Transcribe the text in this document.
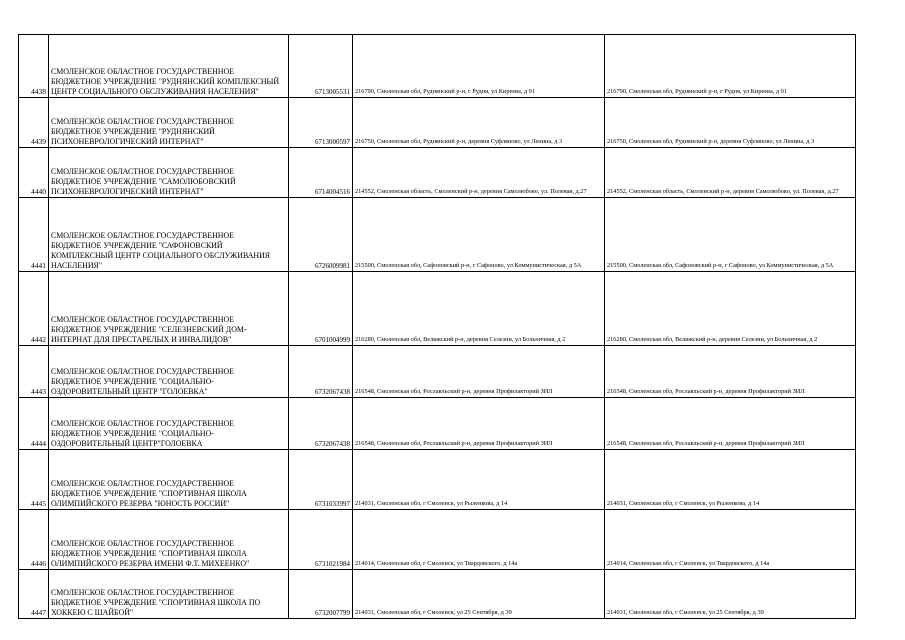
4438	СМОЛЕНСКОЕ ОБЛАСТНОЕ ГОСУДАРСТВЕННОЕ БЮДЖЕТНОЕ УЧРЕЖДЕНИЕ "РУДНЯНСКИЙ КОМПЛЕКСНЫЙ ЦЕНТР СОЦИАЛЬНОГО ОБСЛУЖИВАНИЯ НАСЕЛЕНИЯ"	6713005531	216790, Смоленская обл, Руднянский р-н, г Рудня, ул Киреева, д 91	216790, Смоленская обл, Руднянский р-н, г Рудня, ул Киреева, д 91
4439	СМОЛЕНСКОЕ ОБЛАСТНОЕ ГОСУДАРСТВЕННОЕ БЮДЖЕТНОЕ УЧРЕЖДЕНИЕ "РУДНЯНСКИЙ ПСИХОНЕВРОЛОГИЧЕСКИЙ ИНТЕРНАТ"	6713000597	216750, Смоленская обл, Руднянский р-н, деревня Суфляново, ул Ленина, д 3	216750, Смоленская обл, Руднянский р-н, деревня Суфляново, ул Ленина, д 3
4440	СМОЛЕНСКОЕ ОБЛАСТНОЕ ГОСУДАРСТВЕННОЕ БЮДЖЕТНОЕ УЧРЕЖДЕНИЕ "САМОЛЮБОВСКИЙ ПСИХОНЕВРОЛОГИЧЕСКИЙ ИНТЕРНАТ"	6714004516	214552, Смоленская область, Смоленский р-н, деревня Самолюбово, ул. Полевая, д.27	214552, Смоленская область, Смоленский р-н, деревня Самолюбово, ул. Полевая, д.27
4441	СМОЛЕНСКОЕ ОБЛАСТНОЕ ГОСУДАРСТВЕННОЕ БЮДЖЕТНОЕ УЧРЕЖДЕНИЕ "САФОНОВСКИЙ КОМПЛЕКСНЫЙ ЦЕНТР СОЦИАЛЬНОГО ОБСЛУЖИВАНИЯ НАСЕЛЕНИЯ"	6726009981	215500, Смоленская обл, Сафоновский р-н, г Сафоново, ул Коммунистическая, д 5А	215500, Смоленская обл, Сафоновский р-н, г Сафоново, ул Коммунистическая, д 5А
4442	СМОЛЕНСКОЕ ОБЛАСТНОЕ ГОСУДАРСТВЕННОЕ БЮДЖЕТНОЕ УЧРЕЖДЕНИЕ "СЕЛЕЗНЕВСКИЙ ДОМ-ИНТЕРНАТ ДЛЯ ПРЕСТАРЕЛЫХ И ИНВАЛИДОВ"	6701004999	216280, Смоленская обл, Велижский р-н, деревня Селезни, ул Больничная, д 2	216280, Смоленская обл, Велижский р-н, деревня Селезни, ул Больничная, д 2
4443	СМОЛЕНСКОЕ ОБЛАСТНОЕ ГОСУДАРСТВЕННОЕ БЮДЖЕТНОЕ УЧРЕЖДЕНИЕ "СОЦИАЛЬНО-ОЗДОРОВИТЕЛЬНЫЙ ЦЕНТР "ГОЛОЕВКА"	6732067438	216548, Смоленская обл, Рославльский р-н, деревня Профилакторий ЗИЛ	216548, Смоленская обл, Рославльский р-н, деревня Профилакторий ЗИЛ
4444	СМОЛЕНСКОЕ ОБЛАСТНОЕ ГОСУДАРСТВЕННОЕ БЮДЖЕТНОЕ УЧРЕЖДЕНИЕ "СОЦИАЛЬНО-ОЗДОРОВИТЕЛЬНЫЙ ЦЕНТР"ГОЛОЕВКА	6732067438	216548, Смоленская обл, Рославльский р-н, деревня Профилакторий ЗИЛ	216548, Смоленская обл, Рославльский р-н, деревня Профилакторий ЗИЛ
4445	СМОЛЕНСКОЕ ОБЛАСТНОЕ ГОСУДАРСТВЕННОЕ БЮДЖЕТНОЕ УЧРЕЖДЕНИЕ "СПОРТИВНАЯ ШКОЛА ОЛИМПИЙСКОГО РЕЗЕРВА "ЮНОСТЬ РОССИИ"	6731033997	214031, Смоленская обл, г Смоленск, ул Рыленкова, д 14	214031, Смоленская обл, г Смоленск, ул Рыленкова, д 14
4446	СМОЛЕНСКОЕ ОБЛАСТНОЕ ГОСУДАРСТВЕННОЕ БЮДЖЕТНОЕ УЧРЕЖДЕНИЕ "СПОРТИВНАЯ ШКОЛА ОЛИМПИЙСКОГО РЕЗЕРВА ИМЕНИ Ф.Т. МИХЕЕНКО"	6731021984	214014, Смоленская обл, г Смоленск, ул Твардовского, д 14а	214014, Смоленская обл, г Смоленск, ул Твардовского, д 14а
4447	СМОЛЕНСКОЕ ОБЛАСТНОЕ ГОСУДАРСТВЕННОЕ БЮДЖЕТНОЕ УЧРЕЖДЕНИЕ "СПОРТИВНАЯ ШКОЛА ПО ХОККЕЮ С ШАЙБОЙ"	6732007799	214031, Смоленская обл, г Смоленск, ул 25 Сентября, д 39	214031, Смоленская обл, г Смоленск, ул 25 Сентября, д 39
